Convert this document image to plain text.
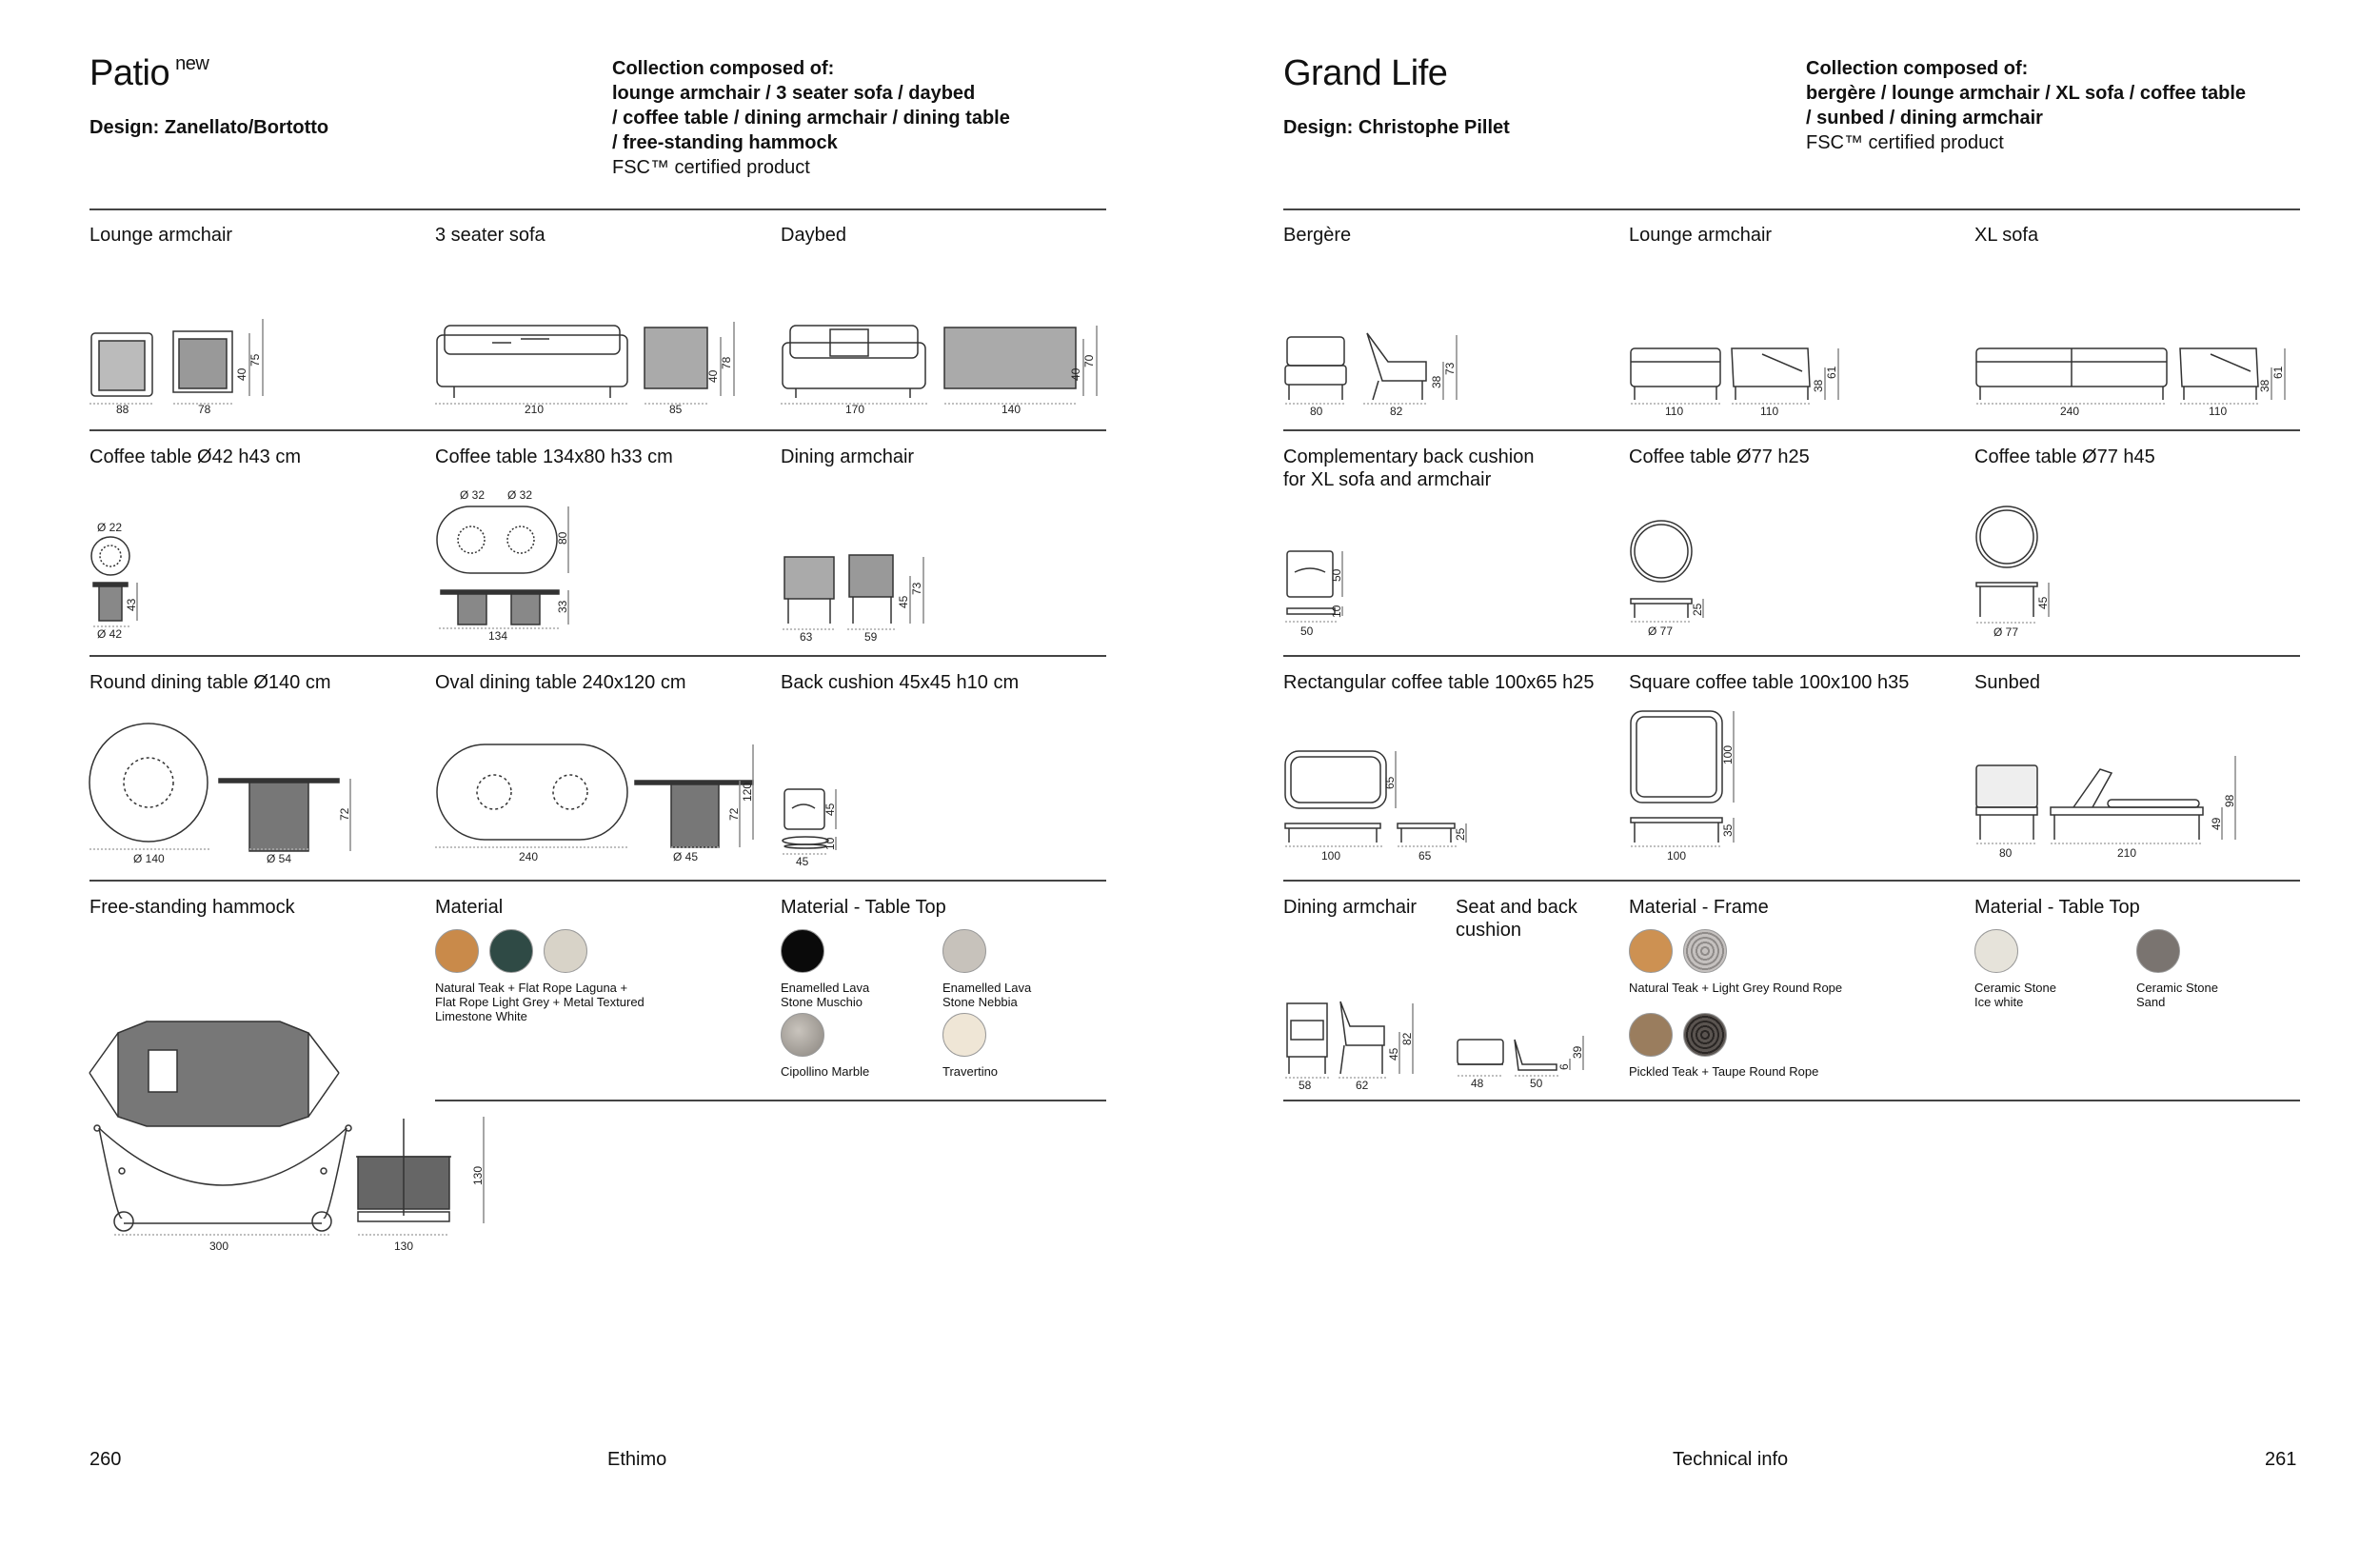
Patio $^{new}$
Design: Zanellato/Bortotto
Collection composed of:
lounge armchair / 3 seater sofa / daybed
/ coffee table / dining armchair / dining table
/ free-standing hammock
FSC™ certified product
Lounge armchair	3 seater sofa	Daybed
88	78
40
75
210	85
40
78
170	140
40
70
Coffee table Ø42 h43 cm	Coffee table 134x80 h33 cm	Dining armchair
Ø 22
43
Ø 42
Ø 32 Ø 32
80
33
134	63	59
45
73
Round dining table Ø140 cm	Oval dining table 240x120 cm	Back cushion 45x45 h10 cm
Ø 140	Ø 54
72
240	Ø 45
72
120
45
10
45
Free-standing hammock	Material	Material - Table Top
300	130
130
Natural Teak + Flat Rope Laguna +
Flat Rope Light Grey + Metal Textured
Limestone White
Enamelled Lava
Stone Muschio
Enamelled Lava
Stone Nebbia
Cipollino Marble	Travertino
260	Ethimo
Grand Life
Design: Christophe Pillet
Collection composed of:
bergère / lounge armchair / XL sofa / coffee table
/ sunbed / dining armchair
FSC™ certified product
Bergère	Lounge armchair	XL sofa
80	82
38
73
110	110
38
61
240	110
38
61
Complementary back cushion
for XL sofa and armchair
Coffee table Ø77 h25	Coffee table Ø77 h45
50
10
50
25
Ø 77
45
Ø 77
Rectangular coffee table 100x65 h25 Square coffee table 100x100 h35	Sunbed
65
25
100	65
100
35
100	80	210
49
98
Dining armchair Seat and back
cushion
Material - Frame	Material - Table Top
58	62
45
82
48	50
6
39
Natural Teak + Light Grey Round Rope
Pickled Teak + Taupe Round Rope
Ceramic Stone
Ice white
Ceramic Stone
Sand
Technical info	261
